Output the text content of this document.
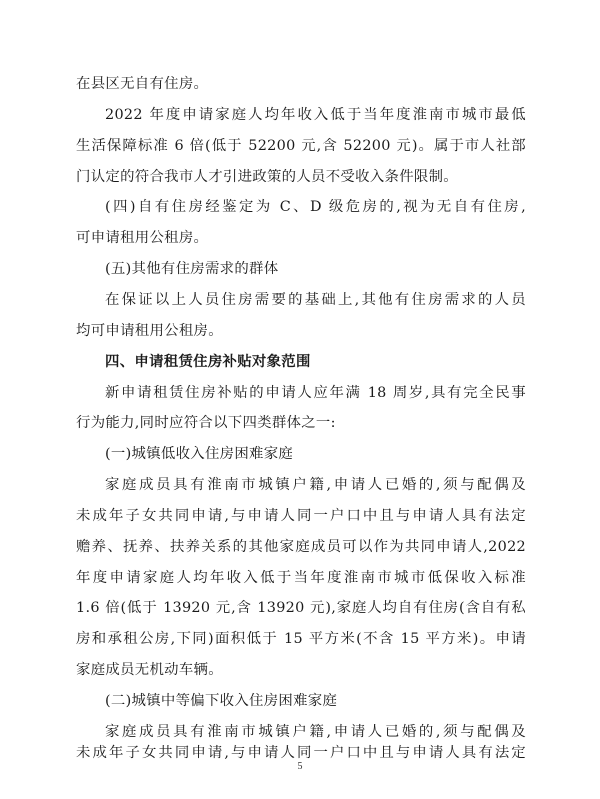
在县区无自有住房。
2022 年度申请家庭人均年收入低于当年度淮南市城市最低
生活保障标准 6 倍(低于 52200 元,含 52200 元)。属于市人社部
门认定的符合我市人才引进政策的人员不受收入条件限制。
(四)自有住房经鉴定为 C、D 级危房的,视为无自有住房,
可申请租用公租房。
(五)其他有住房需求的群体
在保证以上人员住房需要的基础上,其他有住房需求的人员
均可申请租用公租房。
四、申请租赁住房补贴对象范围
新申请租赁住房补贴的申请人应年满 18 周岁,具有完全民事
行为能力,同时应符合以下四类群体之一:
(一)城镇低收入住房困难家庭
家庭成员具有淮南市城镇户籍,申请人已婚的,须与配偶及
未成年子女共同申请,与申请人同一户口中且与申请人具有法定
赡养、抚养、扶养关系的其他家庭成员可以作为共同申请人,2022
年度申请家庭人均年收入低于当年度淮南市城市低保收入标准
1.6 倍(低于 13920 元,含 13920 元),家庭人均自有住房(含自有私
房和承租公房,下同)面积低于 15 平方米(不含 15 平方米)。申请
家庭成员无机动车辆。
(二)城镇中等偏下收入住房困难家庭
家庭成员具有淮南市城镇户籍,申请人已婚的,须与配偶及
未成年子女共同申请,与申请人同一户口中且与申请人具有法定
5
